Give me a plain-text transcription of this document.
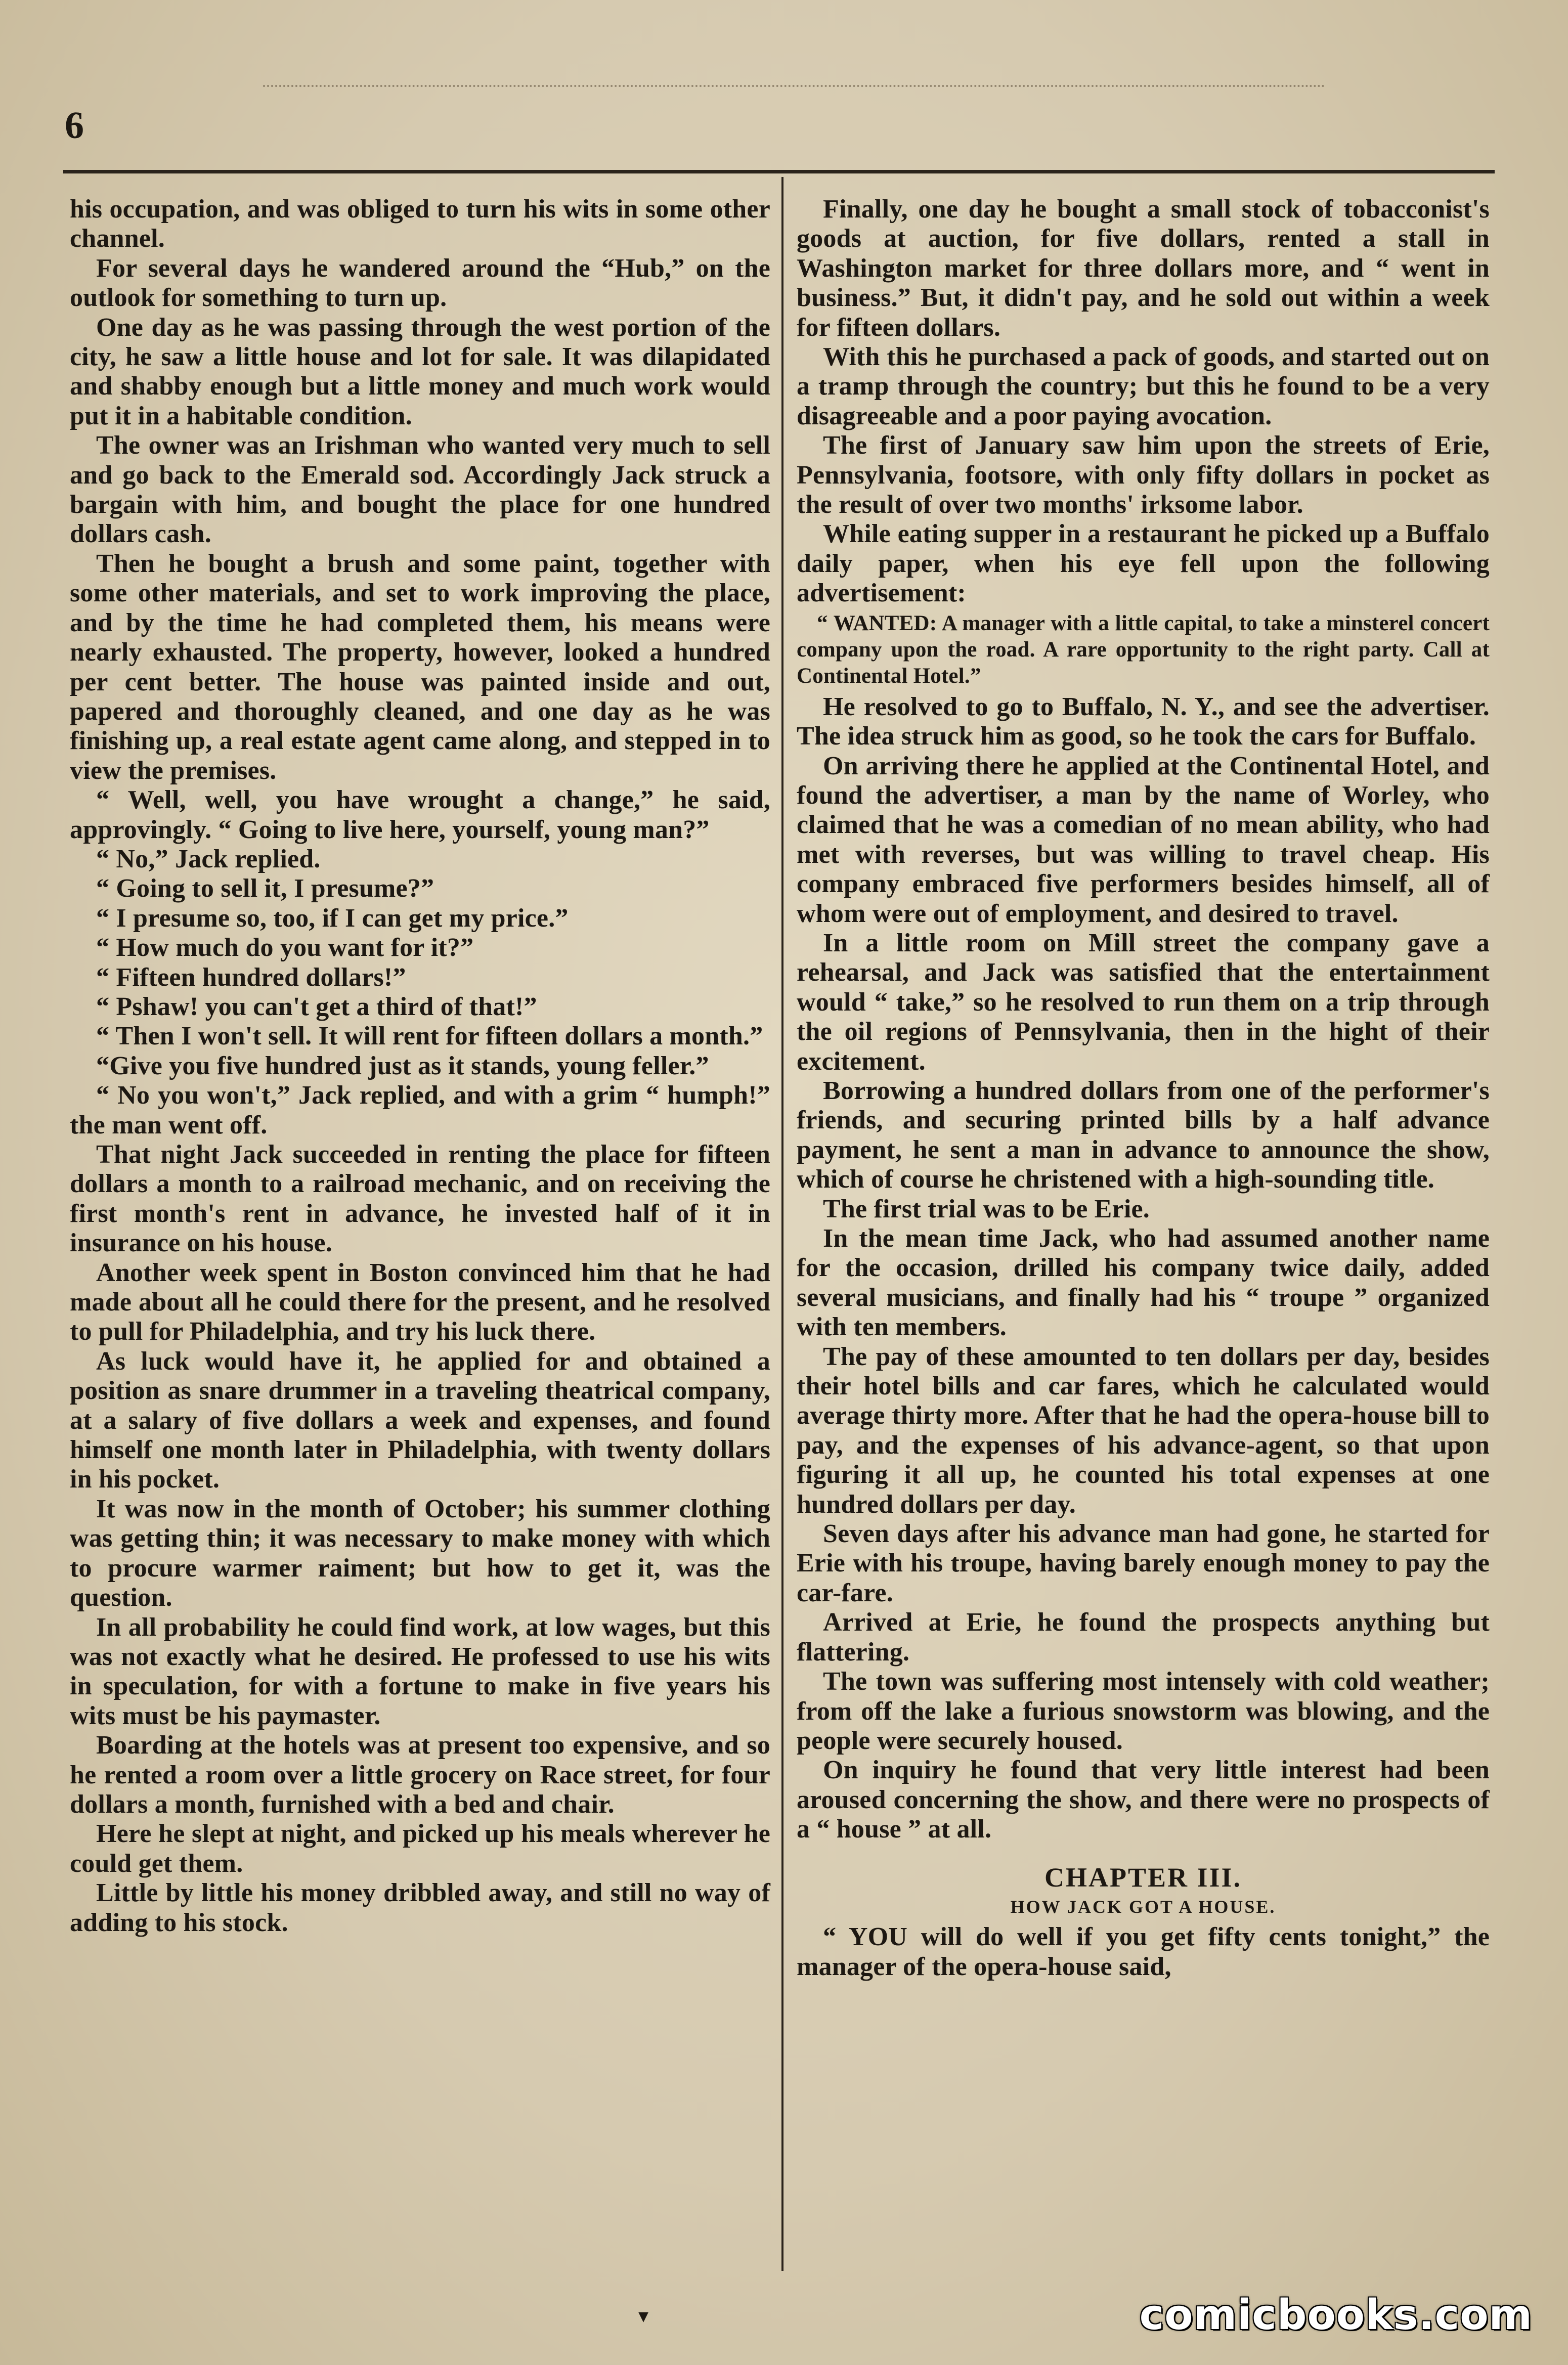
6

his occupation, and was obliged to turn his wits in some other channel.

For several days he wandered around the “Hub,” on the outlook for something to turn up.

One day as he was passing through the west portion of the city, he saw a little house and lot for sale. It was dilapidated and shabby enough but a little money and much work would put it in a habitable condition.

The owner was an Irishman who wanted very much to sell and go back to the Emerald sod. Accordingly Jack struck a bargain with him, and bought the place for one hundred dollars cash.

Then he bought a brush and some paint, together with some other materials, and set to work improving the place, and by the time he had completed them, his means were nearly exhausted. The property, however, looked a hundred per cent better. The house was painted inside and out, papered and thoroughly cleaned, and one day as he was finishing up, a real estate agent came along, and stepped in to view the premises.

“ Well, well, you have wrought a change,” he said, approvingly. “ Going to live here, yourself, young man?”

“ No,” Jack replied.

“ Going to sell it, I presume?”

“ I presume so, too, if I can get my price.”

“ How much do you want for it?”

“ Fifteen hundred dollars!”

“ Pshaw! you can't get a third of that!”

“ Then I won't sell. It will rent for fifteen dollars a month.”

“Give you five hundred just as it stands, young feller.”

“ No you won't,” Jack replied, and with a grim “ humph!” the man went off.

That night Jack succeeded in renting the place for fifteen dollars a month to a railroad mechanic, and on receiving the first month's rent in advance, he invested half of it in insurance on his house.

Another week spent in Boston convinced him that he had made about all he could there for the present, and he resolved to pull for Philadelphia, and try his luck there.

As luck would have it, he applied for and obtained a position as snare drummer in a traveling theatrical company, at a salary of five dollars a week and expenses, and found himself one month later in Philadelphia, with twenty dollars in his pocket.

It was now in the month of October; his summer clothing was getting thin; it was necessary to make money with which to procure warmer raiment; but how to get it, was the question.

In all probability he could find work, at low wages, but this was not exactly what he desired. He professed to use his wits in speculation, for with a fortune to make in five years his wits must be his paymaster.

Boarding at the hotels was at present too expensive, and so he rented a room over a little grocery on Race street, for four dollars a month, furnished with a bed and chair.

Here he slept at night, and picked up his meals wherever he could get them.

Little by little his money dribbled away, and still no way of adding to his stock.

Finally, one day he bought a small stock of tobacconist's goods at auction, for five dollars, rented a stall in Washington market for three dollars more, and “ went in business.” But, it didn't pay, and he sold out within a week for fifteen dollars.

With this he purchased a pack of goods, and started out on a tramp through the country; but this he found to be a very disagreeable and a poor paying avocation.

The first of January saw him upon the streets of Erie, Pennsylvania, footsore, with only fifty dollars in pocket as the result of over two months' irksome labor.

While eating supper in a restaurant he picked up a Buffalo daily paper, when his eye fell upon the following advertisement:

“ WANTED: A manager with a little capital, to take a minsterel concert company upon the road. A rare opportunity to the right party. Call at Continental Hotel.”

He resolved to go to Buffalo, N. Y., and see the advertiser. The idea struck him as good, so he took the cars for Buffalo.

On arriving there he applied at the Continental Hotel, and found the advertiser, a man by the name of Worley, who claimed that he was a comedian of no mean ability, who had met with reverses, but was willing to travel cheap. His company embraced five performers besides himself, all of whom were out of employment, and desired to travel.

In a little room on Mill street the company gave a rehearsal, and Jack was satisfied that the entertainment would “ take,” so he resolved to run them on a trip through the oil regions of Pennsylvania, then in the hight of their excitement.

Borrowing a hundred dollars from one of the performer's friends, and securing printed bills by a half advance payment, he sent a man in advance to announce the show, which of course he christened with a high-sounding title.

The first trial was to be Erie.

In the mean time Jack, who had assumed another name for the occasion, drilled his company twice daily, added several musicians, and finally had his “ troupe ” organized with ten members.

The pay of these amounted to ten dollars per day, besides their hotel bills and car fares, which he calculated would average thirty more. After that he had the opera-house bill to pay, and the expenses of his advance-agent, so that upon figuring it all up, he counted his total expenses at one hundred dollars per day.

Seven days after his advance man had gone, he started for Erie with his troupe, having barely enough money to pay the car-fare.

Arrived at Erie, he found the prospects anything but flattering.

The town was suffering most intensely with cold weather; from off the lake a furious snowstorm was blowing, and the people were securely housed.

On inquiry he found that very little interest had been aroused concerning the show, and there were no prospects of a “ house ” at all.

CHAPTER III.
HOW JACK GOT A HOUSE.

“ YOU will do well if you get fifty cents tonight,” the manager of the opera-house said,

▾	comicbooks.com
